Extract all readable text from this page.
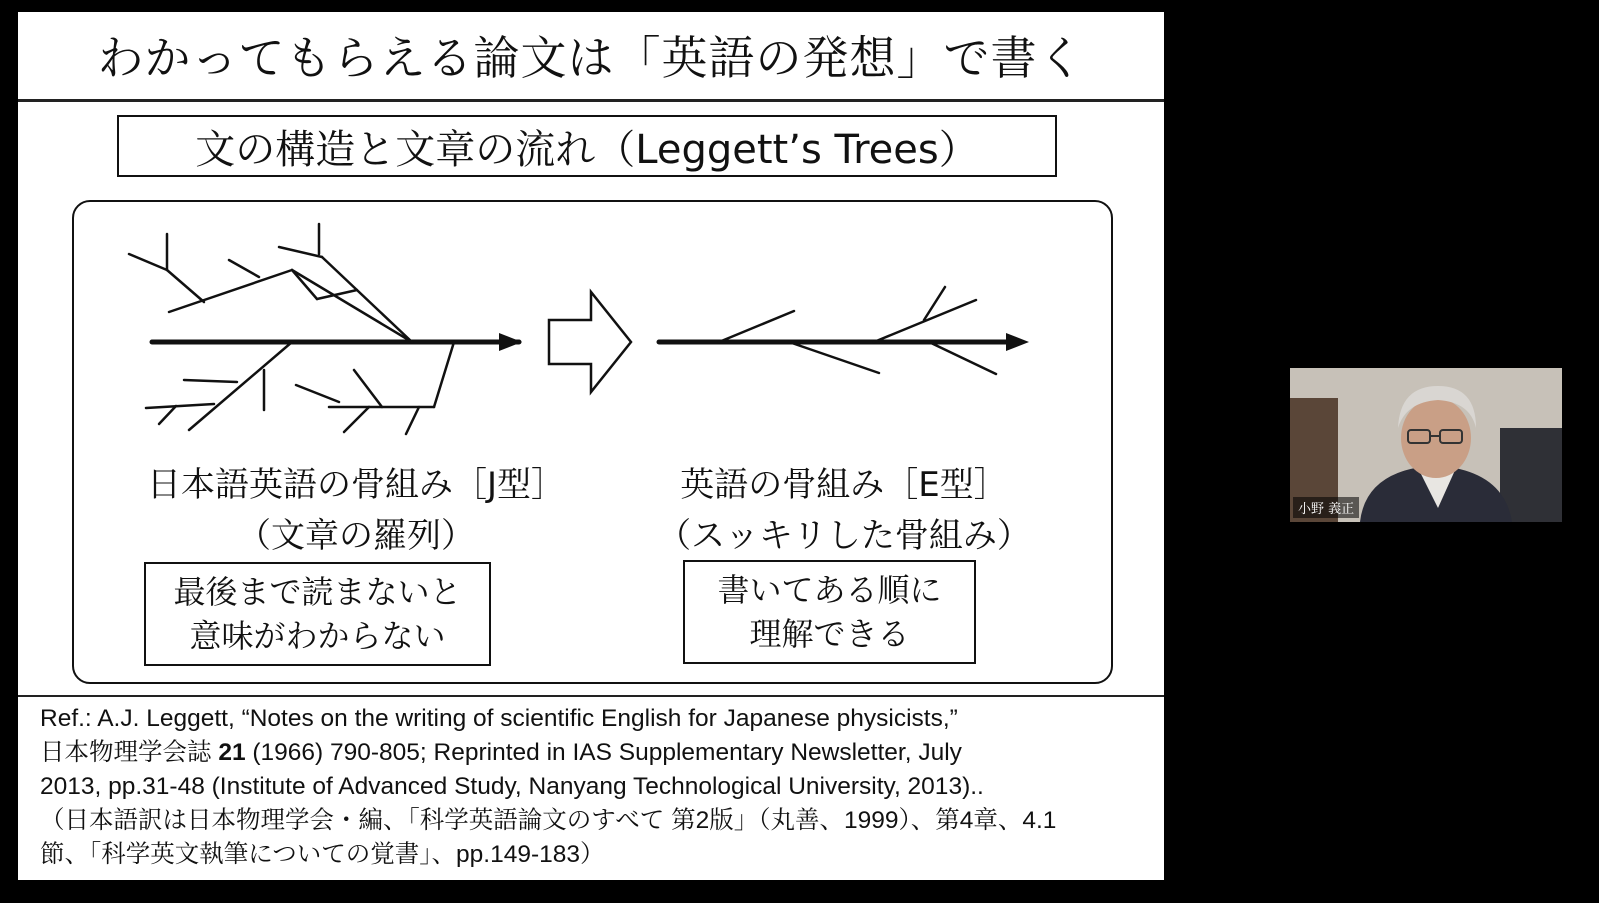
わかってもらえる論文は「英語の発想」で書く
文の構造と文章の流れ（Leggett’s Trees）
日本語英語の骨組み［J型］
（文章の羅列）
最後まで読まないと
意味がわからない
英語の骨組み［E型］
（スッキリした骨組み）
書いてある順に
理解できる
Ref.: A.J. Leggett, “Notes on the writing of scientific English for Japanese physicists,”
日本物理学会誌 21 (1966) 790-805; Reprinted in IAS Supplementary Newsletter, July
2013, pp.31-48 (Institute of Advanced Study, Nanyang Technological University, 2013)..
（日本語訳は日本物理学会・編、「科学英語論文のすべて 第2版」（丸善、1999）、第4章、4.1
節、「科学英文執筆についての覚書」、pp.149-183）
小野 義正
